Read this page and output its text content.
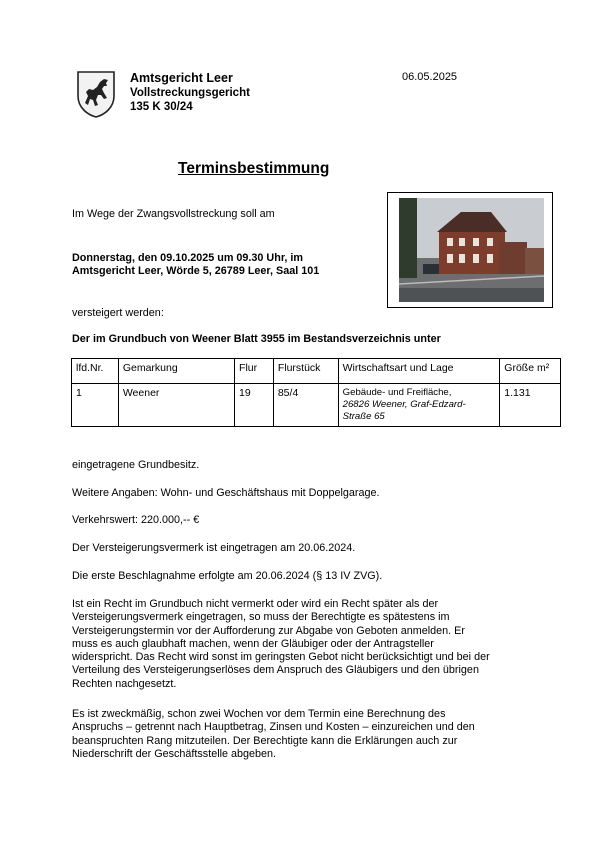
Amtsgericht Leer
Vollstreckungsgericht
135 K 30/24
06.05.2025
Terminsbestimmung
Im Wege der Zwangsvollstreckung soll am
Donnerstag, den 09.10.2025 um 09.30 Uhr, im
Amtsgericht Leer, Wörde 5, 26789 Leer, Saal 101
versteigert werden:
Der im Grundbuch von Weener Blatt 3955 im Bestandsverzeichnis unter
lfd.Nr.	Gemarkung	Flur	Flurstück	Wirtschaftsart und Lage	Größe m²
1	Weener	19	85/4	Gebäude- und Freifläche,
26826 Weener, Graf-Edzard-
Straße 65	1.131
eingetragene Grundbesitz.
Weitere Angaben: Wohn- und Geschäftshaus mit Doppelgarage.
Verkehrswert: 220.000,-- €
Der Versteigerungsvermerk ist eingetragen am 20.06.2024.
Die erste Beschlagnahme erfolgte am 20.06.2024 (§ 13 IV ZVG).
Ist ein Recht im Grundbuch nicht vermerkt oder wird ein Recht später als der
Versteigerungsvermerk eingetragen, so muss der Berechtigte es spätestens im
Versteigerungstermin vor der Aufforderung zur Abgabe von Geboten anmelden. Er
muss es auch glaubhaft machen, wenn der Gläubiger oder der Antragsteller
widerspricht. Das Recht wird sonst im geringsten Gebot nicht berücksichtigt und bei der
Verteilung des Versteigerungserlöses dem Anspruch des Gläubigers und den übrigen
Rechten nachgesetzt.
Es ist zweckmäßig, schon zwei Wochen vor dem Termin eine Berechnung des
Anspruchs – getrennt nach Hauptbetrag, Zinsen und Kosten – einzureichen und den
beanspruchten Rang mitzuteilen. Der Berechtigte kann die Erklärungen auch zur
Niederschrift der Geschäftsstelle abgeben.
